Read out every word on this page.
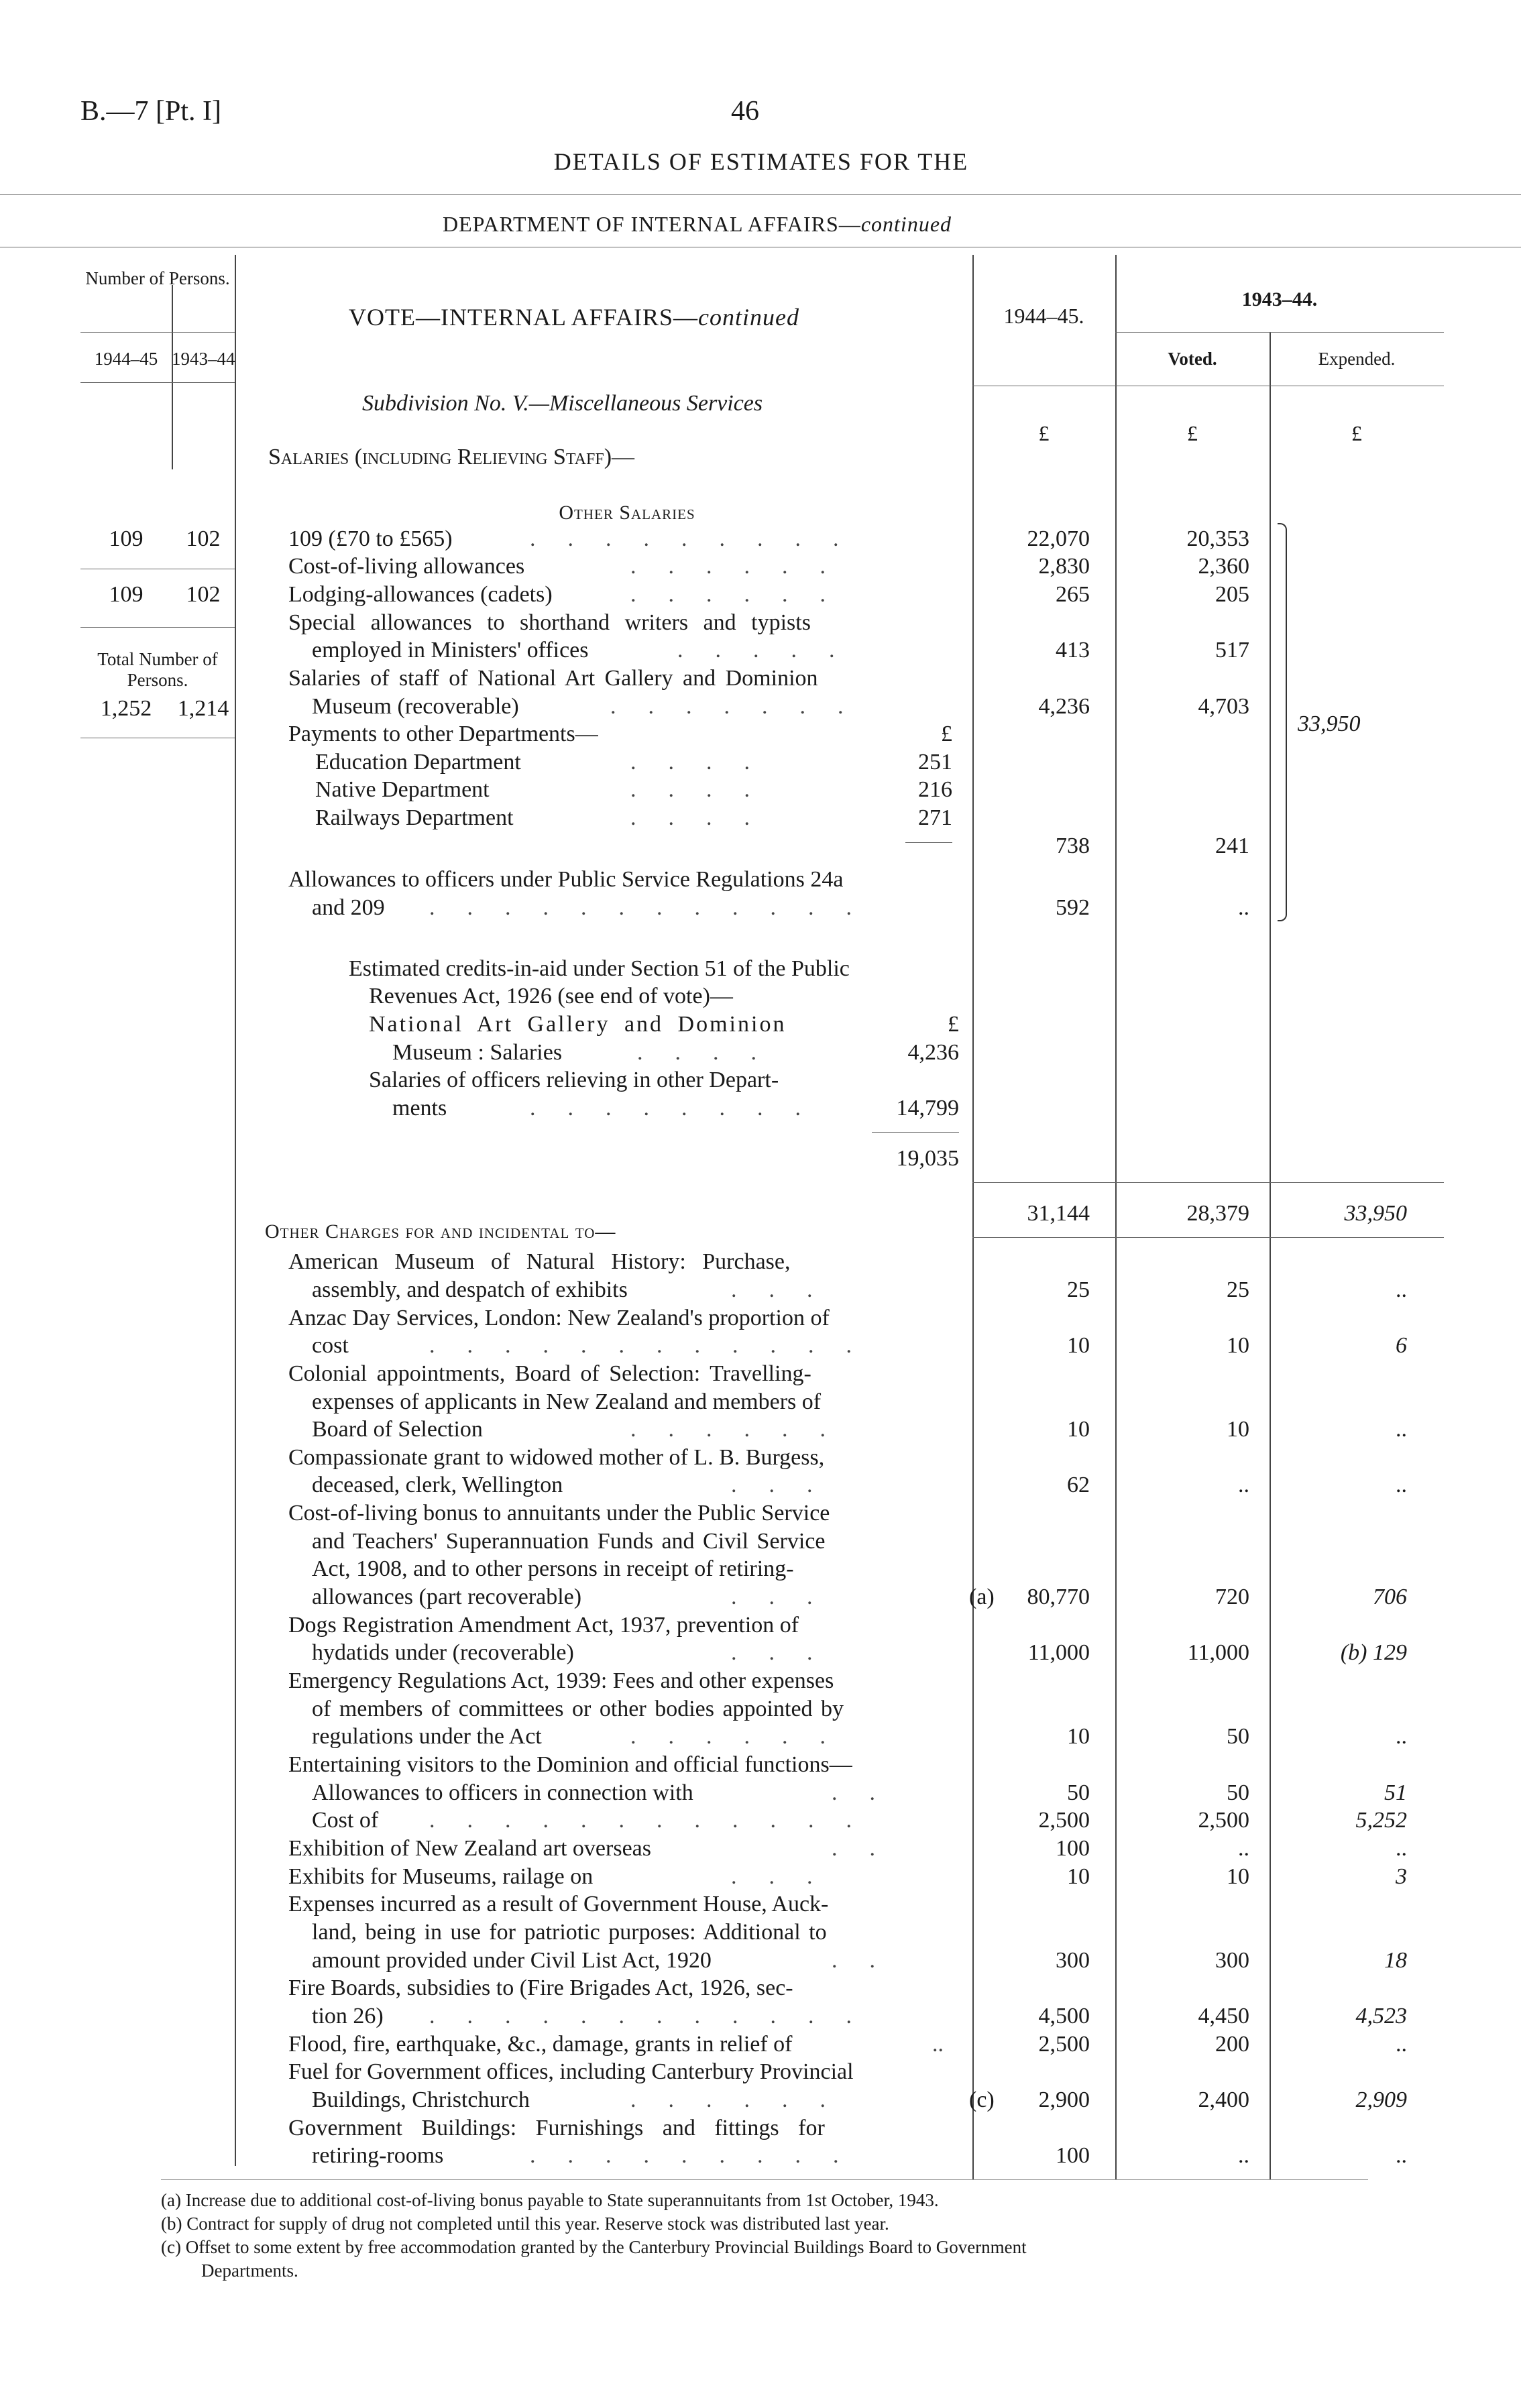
B.—7 [Pt. I]	46
DETAILS OF ESTIMATES FOR THE
DEPARTMENT OF INTERNAL AFFAIRS—continued
Number of Persons.
1944–45 1943–44
VOTE—INTERNAL AFFAIRS—continued	1944–45.
1943–44.
Voted.	Expended.
£	£	£
109	102
109	102
Total Number of Persons.
1,252	1,214
Subdivision No. V.—Miscellaneous Services
Salaries (including Relieving Staff)—
Other Salaries
109 (£70 to £565)	.........	22,070	20,353
Cost-of-living allowances	......	2,830	2,360
Lodging-allowances (cadets)	......	265	205
Special allowances to shorthand writers and typists
employed in Ministers' offices	.....	413	517
Salaries of staff of National Art Gallery and Dominion
Museum (recoverable)	.......	4,236	4,703
Payments to other Departments—	£
Education Department	....	251
Native Department	....	216
Railways Department	....	271
738	241
Allowances to officers under Public Service Regulations 24a
and 209 ............	592	..
33,950
Estimated credits-in-aid under Section 51 of the Public
Revenues Act, 1926 (see end of vote)—
National Art Gallery and Dominion	£
Museum : Salaries	....	4,236
Salaries of officers relieving in other Depart-
ments	........	14,799
19,035
31,144	28,379	33,950
Other Charges for and incidental to—
American Museum of Natural History: Purchase,
assembly, and despatch of exhibits	...	25	25	..
Anzac Day Services, London: New Zealand's proportion of
cost	............	10	10	6
Colonial appointments, Board of Selection: Travelling-
expenses of applicants in New Zealand and members of
Board of Selection	......	10	10	..
Compassionate grant to widowed mother of L. B. Burgess,
deceased, clerk, Wellington	...	62	..	..
Cost-of-living bonus to annuitants under the Public Service
and Teachers' Superannuation Funds and Civil Service
Act, 1908, and to other persons in receipt of retiring-
allowances (part recoverable)	...	(a)	80,770	720	706
Dogs Registration Amendment Act, 1937, prevention of
hydatids under (recoverable)	...	11,000	11,000	(b) 129
Emergency Regulations Act, 1939: Fees and other expenses
of members of committees or other bodies appointed by
regulations under the Act	......	10	50	..
Entertaining visitors to the Dominion and official functions—
Allowances to officers in connection with	..	50	50	51
Cost of ............	2,500	2,500	5,252
Exhibition of New Zealand art overseas	..	100	..	..
Exhibits for Museums, railage on	...	10	10	3
Expenses incurred as a result of Government House, Auck-
land, being in use for patriotic purposes: Additional to
amount provided under Civil List Act, 1920	..	300	300	18
Fire Boards, subsidies to (Fire Brigades Act, 1926, sec-
tion 26) ............	4,500	4,450	4,523
Flood, fire, earthquake, &c., damage, grants in relief of	..	2,500	200	..
Fuel for Government offices, including Canterbury Provincial
Buildings, Christchurch	......	(c)	2,900	2,400	2,909
Government Buildings: Furnishings and fittings for
retiring-rooms	.........	100	..	..
(a) Increase due to additional cost-of-living bonus payable to State superannuitants from 1st October, 1943.
(b) Contract for supply of drug not completed until this year. Reserve stock was distributed last year.
(c) Offset to some extent by free accommodation granted by the Canterbury Provincial Buildings Board to Government
Departments.
